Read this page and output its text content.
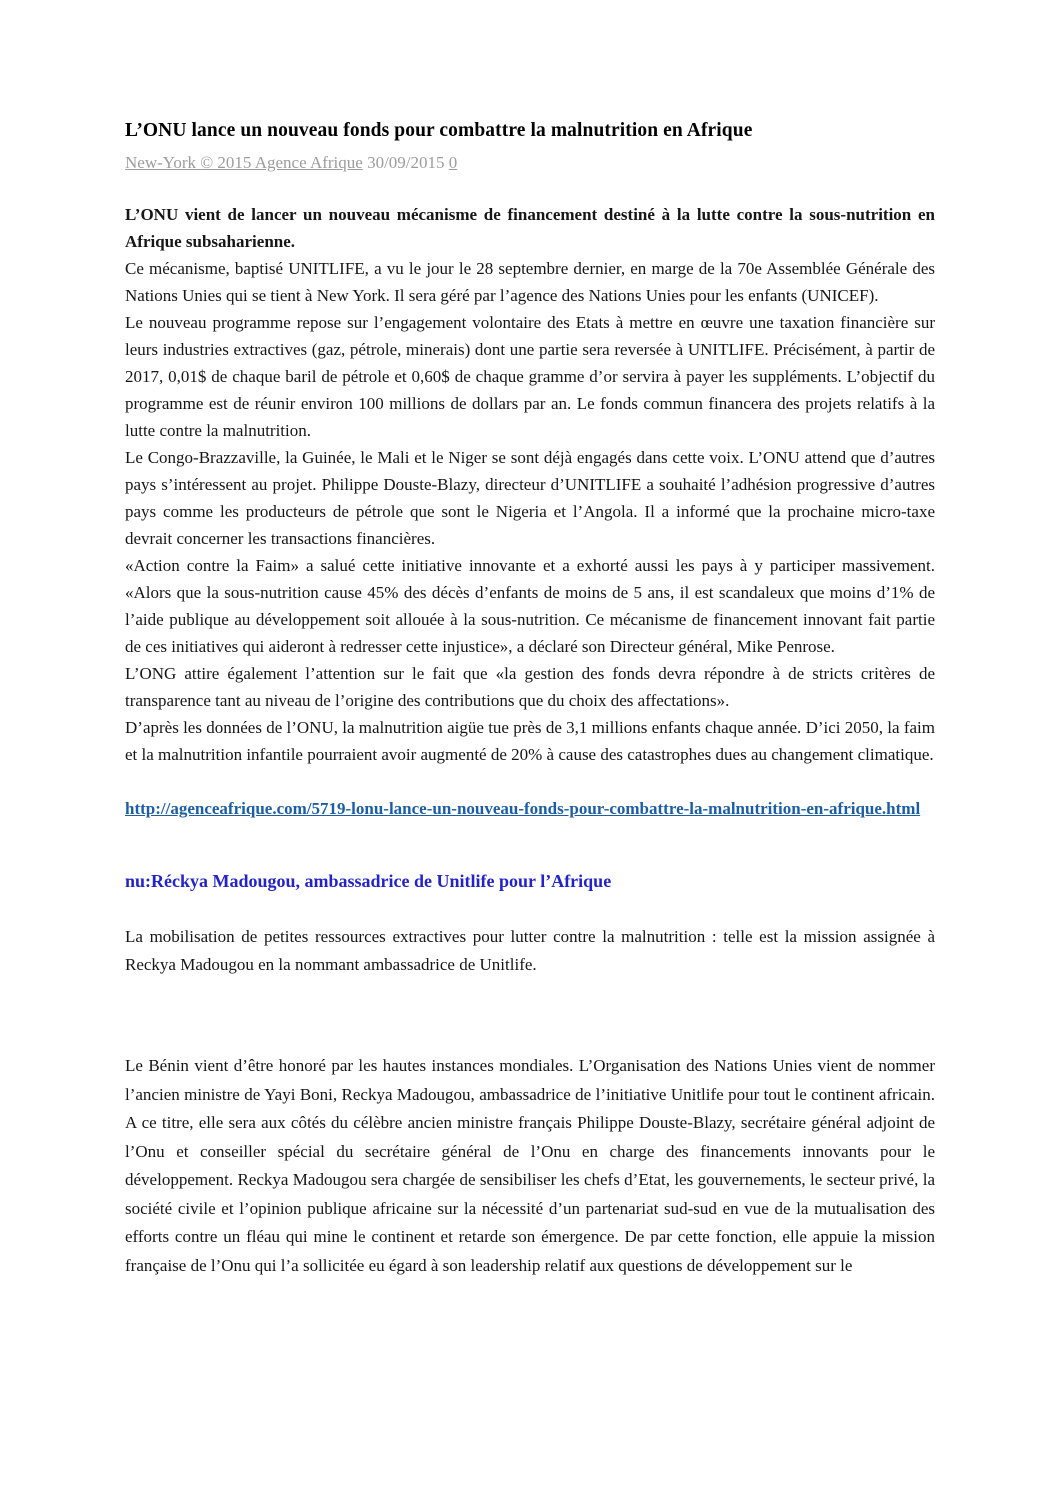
L’ONU lance un nouveau fonds pour combattre la malnutrition en Afrique
New-York © 2015 Agence Afrique 30/09/2015 0

L’ONU vient de lancer un nouveau mécanisme de financement destiné à la lutte contre la sous-nutrition en Afrique subsaharienne.

Ce mécanisme, baptisé UNITLIFE, a vu le jour le 28 septembre dernier, en marge de la 70e Assemblée Générale des Nations Unies qui se tient à New York. Il sera géré par l’agence des Nations Unies pour les enfants (UNICEF).

Le nouveau programme repose sur l’engagement volontaire des Etats à mettre en œuvre une taxation financière sur leurs industries extractives (gaz, pétrole, minerais) dont une partie sera reversée à UNITLIFE. Précisément, à partir de 2017, 0,01$ de chaque baril de pétrole et 0,60$ de chaque gramme d’or servira à payer les suppléments. L’objectif du programme est de réunir environ 100 millions de dollars par an. Le fonds commun financera des projets relatifs à la lutte contre la malnutrition.

Le Congo-Brazzaville, la Guinée, le Mali et le Niger se sont déjà engagés dans cette voix. L’ONU attend que d’autres pays s’intéressent au projet. Philippe Douste-Blazy, directeur d’UNITLIFE a souhaité l’adhésion progressive d’autres pays comme les producteurs de pétrole que sont le Nigeria et l’Angola. Il a informé que la prochaine micro-taxe devrait concerner les transactions financières.

«Action contre la Faim» a salué cette initiative innovante et a exhorté aussi les pays à y participer massivement. «Alors que la sous-nutrition cause 45% des décès d’enfants de moins de 5 ans, il est scandaleux que moins d’1% de l’aide publique au développement soit allouée à la sous-nutrition. Ce mécanisme de financement innovant fait partie de ces initiatives qui aideront à redresser cette injustice», a déclaré son Directeur général, Mike Penrose.

L’ONG attire également l’attention sur le fait que «la gestion des fonds devra répondre à de stricts critères de transparence tant au niveau de l’origine des contributions que du choix des affectations».

D’après les données de l’ONU, la malnutrition aigüe tue près de 3,1 millions enfants chaque année. D’ici 2050, la faim et la malnutrition infantile pourraient avoir augmenté de 20% à cause des catastrophes dues au changement climatique.

http://agenceafrique.com/5719-lonu-lance-un-nouveau-fonds-pour-combattre-la-malnutrition-en-afrique.html
nu:Réckya Madougou, ambassadrice de Unitlife pour l’Afrique

La mobilisation de petites ressources extractives pour lutter contre la malnutrition : telle est la mission assignée à Reckya Madougou en la nommant ambassadrice de Unitlife.

Le Bénin vient d’être honoré par les hautes instances mondiales. L’Organisation des Nations Unies vient de nommer l’ancien ministre de Yayi Boni, Reckya Madougou, ambassadrice de l’initiative Unitlife pour tout le continent africain. A ce titre, elle sera aux côtés du célèbre ancien ministre français Philippe Douste-Blazy, secrétaire général adjoint de l’Onu et conseiller spécial du secrétaire général de l’Onu en charge des financements innovants pour le développement. Reckya Madougou sera chargée de sensibiliser les chefs d’Etat, les gouvernements, le secteur privé, la société civile et l’opinion publique africaine sur la nécessité d’un partenariat sud-sud en vue de la mutualisation des efforts contre un fléau qui mine le continent et retarde son émergence. De par cette fonction, elle appuie la mission française de l’Onu qui l’a sollicitée eu égard à son leadership relatif aux questions de développement sur le
